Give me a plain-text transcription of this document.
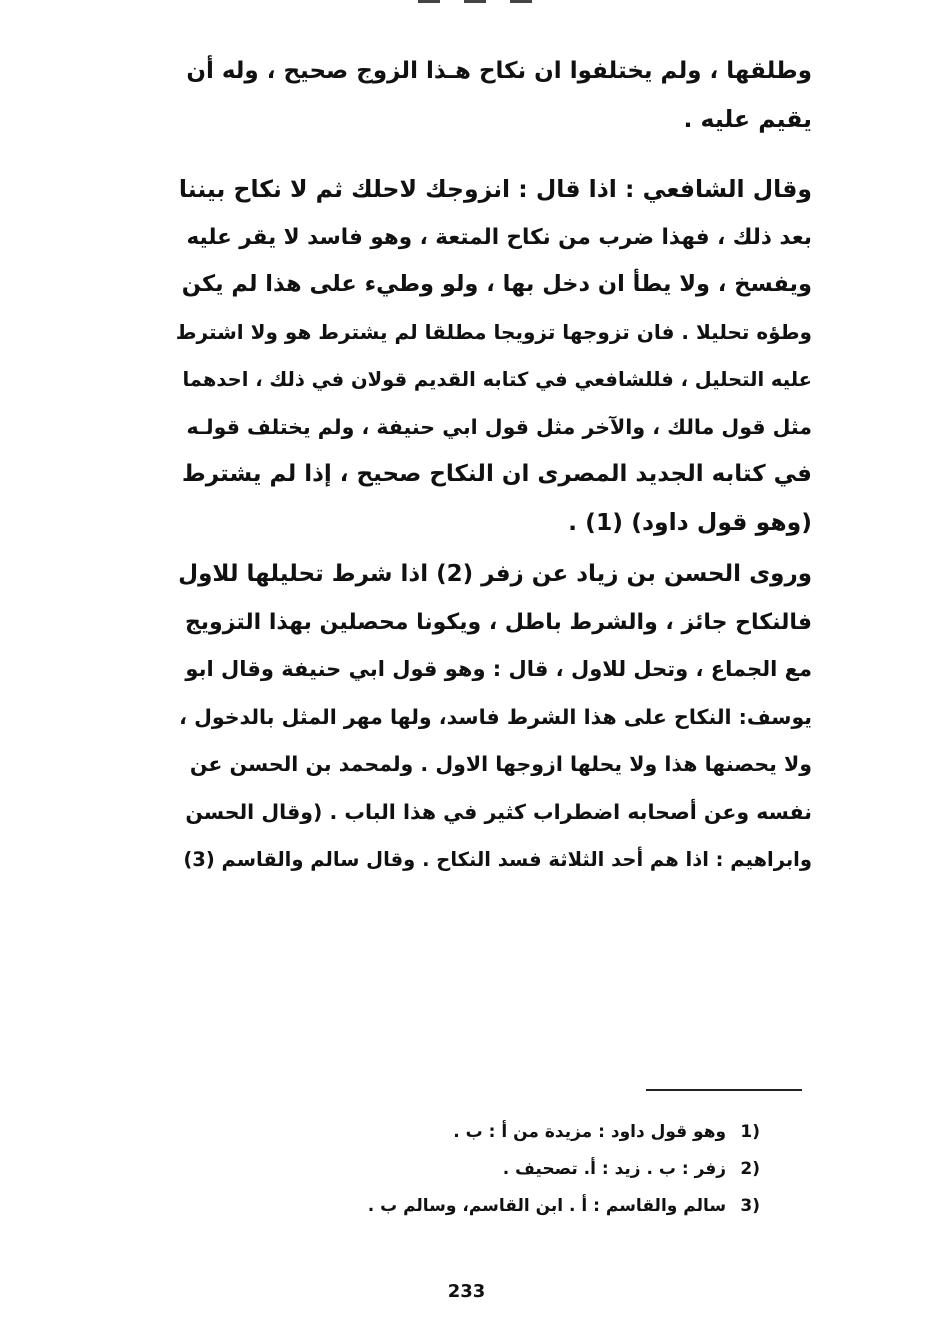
وطلقها ، ولم يختلفوا ان نكاح هـذا الزوج صحيح ، وله أن
يقيم عليه .
وقال الشافعي : اذا قال : انزوجك لاحلك ثم لا نكاح بيننا
بعد ذلك ، فهذا ضرب من نكاح المتعة ، وهو فاسد لا يقر عليه
ويفسخ ، ولا يطأ ان دخل بها ، ولو وطيء على هذا لم يكن
وطؤه تحليلا . فان تزوجها تزويجا مطلقا لم يشترط هو ولا اشترط
عليه التحليل ، فللشافعي في كتابه القديم قولان في ذلك ، احدهما
مثل قول مالك ، والآخر مثل قول ابي حنيفة ، ولم يختلف قولـه
في كتابه الجديد المصرى ان النكاح صحيح ، إذا لم يشترط
(وهو قول داود) (1) .
وروى الحسن بن زياد عن زفر (2) اذا شرط تحليلها للاول
فالنكاح جائز ، والشرط باطل ، ويكونا محصلين بهذا التزويج
مع الجماع ، وتحل للاول ، قال : وهو قول ابي حنيفة وقال ابو
يوسف: النكاح على هذا الشرط فاسد، ولها مهر المثل بالدخول ،
ولا يحصنها هذا ولا يحلها ازوجها الاول . ولمحمد بن الحسن عن
نفسه وعن أصحابه اضطراب كثير في هذا الباب . (وقال الحسن
وابراهيم : اذا هم أحد الثلاثة فسد النكاح . وقال سالم والقاسم (3)
1) وهو قول داود : مزيدة من أ : ب .
2) زفر : ب . زيد : أ. تصحيف .
3) سالم والقاسم : أ . ابن القاسم، وسالم ب .
233
